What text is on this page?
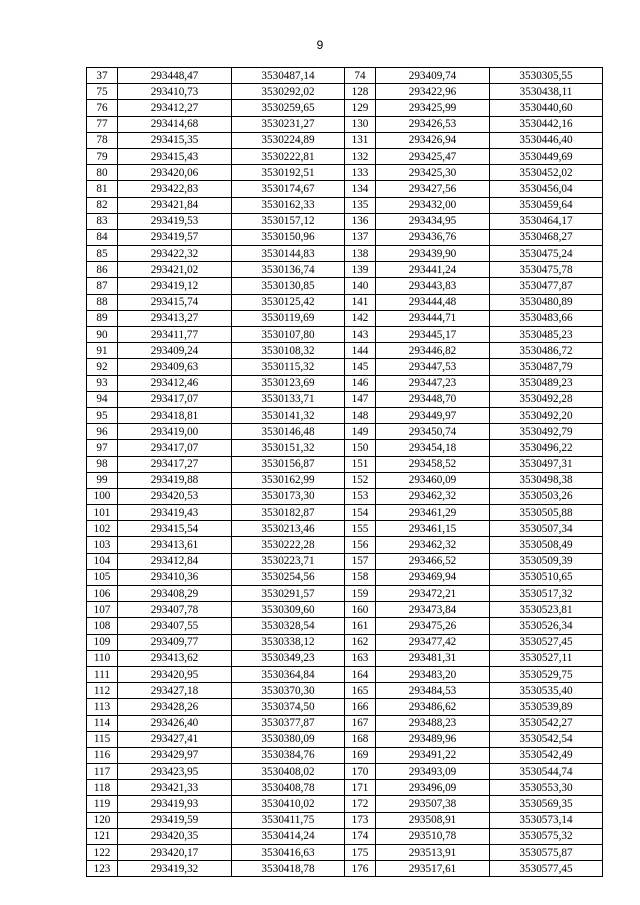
9
37	293448,47	3530487,14	74	293409,74	3530305,55
75	293410,73	3530292,02	128	293422,96	3530438,11
76	293412,27	3530259,65	129	293425,99	3530440,60
77	293414,68	3530231,27	130	293426,53	3530442,16
78	293415,35	3530224,89	131	293426,94	3530446,40
79	293415,43	3530222,81	132	293425,47	3530449,69
80	293420,06	3530192,51	133	293425,30	3530452,02
81	293422,83	3530174,67	134	293427,56	3530456,04
82	293421,84	3530162,33	135	293432,00	3530459,64
83	293419,53	3530157,12	136	293434,95	3530464,17
84	293419,57	3530150,96	137	293436,76	3530468,27
85	293422,32	3530144,83	138	293439,90	3530475,24
86	293421,02	3530136,74	139	293441,24	3530475,78
87	293419,12	3530130,85	140	293443,83	3530477,87
88	293415,74	3530125,42	141	293444,48	3530480,89
89	293413,27	3530119,69	142	293444,71	3530483,66
90	293411,77	3530107,80	143	293445,17	3530485,23
91	293409,24	3530108,32	144	293446,82	3530486,72
92	293409,63	3530115,32	145	293447,53	3530487,79
93	293412,46	3530123,69	146	293447,23	3530489,23
94	293417,07	3530133,71	147	293448,70	3530492,28
95	293418,81	3530141,32	148	293449,97	3530492,20
96	293419,00	3530146,48	149	293450,74	3530492,79
97	293417,07	3530151,32	150	293454,18	3530496,22
98	293417,27	3530156,87	151	293458,52	3530497,31
99	293419,88	3530162,99	152	293460,09	3530498,38
100	293420,53	3530173,30	153	293462,32	3530503,26
101	293419,43	3530182,87	154	293461,29	3530505,88
102	293415,54	3530213,46	155	293461,15	3530507,34
103	293413,61	3530222,28	156	293462,32	3530508,49
104	293412,84	3530223,71	157	293466,52	3530509,39
105	293410,36	3530254,56	158	293469,94	3530510,65
106	293408,29	3530291,57	159	293472,21	3530517,32
107	293407,78	3530309,60	160	293473,84	3530523,81
108	293407,55	3530328,54	161	293475,26	3530526,34
109	293409,77	3530338,12	162	293477,42	3530527,45
110	293413,62	3530349,23	163	293481,31	3530527,11
111	293420,95	3530364,84	164	293483,20	3530529,75
112	293427,18	3530370,30	165	293484,53	3530535,40
113	293428,26	3530374,50	166	293486,62	3530539,89
114	293426,40	3530377,87	167	293488,23	3530542,27
115	293427,41	3530380,09	168	293489,96	3530542,54
116	293429,97	3530384,76	169	293491,22	3530542,49
117	293423,95	3530408,02	170	293493,09	3530544,74
118	293421,33	3530408,78	171	293496,09	3530553,30
119	293419,93	3530410,02	172	293507,38	3530569,35
120	293419,59	3530411,75	173	293508,91	3530573,14
121	293420,35	3530414,24	174	293510,78	3530575,32
122	293420,17	3530416,63	175	293513,91	3530575,87
123	293419,32	3530418,78	176	293517,61	3530577,45
